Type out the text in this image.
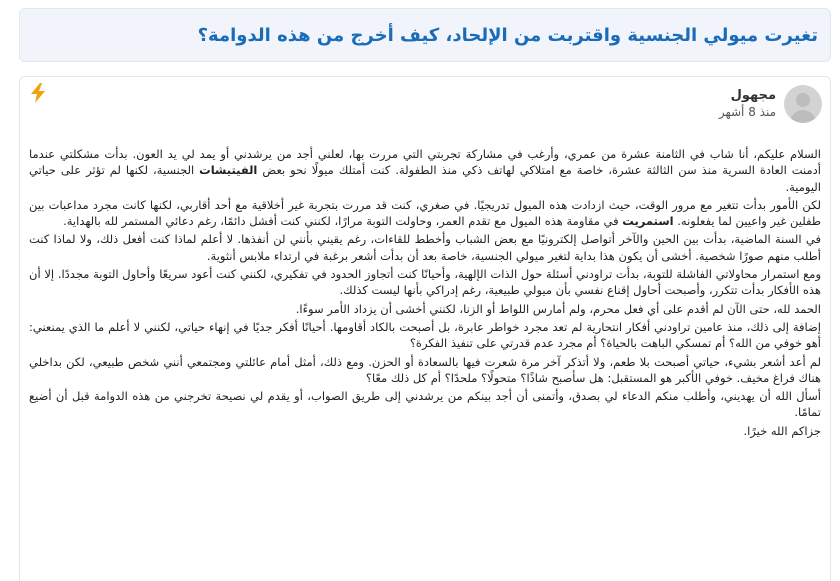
تغيرت ميولي الجنسية واقتربت من الإلحاد، كيف أخرج من هذه الدوامة؟
مجهول
منذ 8 أشهر

السلام عليكم، أنا شاب في الثامنة عشرة من عمري، وأرغب في مشاركة تجربتي التي مررت بها، لعلني أجد من يرشدني أو يمد لي يد العون. بدأت مشكلتي عندما أدمنت العادة السرية منذ سن الثالثة عشرة، خاصة مع امتلاكي لهاتف ذكي منذ الطفولة. كنت أمتلك ميولًا نحو بعض الفيتيشات الجنسية، لكنها لم تؤثر على حياتي اليومية.

لكن الأمور بدأت تتغير مع مرور الوقت، حيث ازدادت هذه الميول تدريجيًا. في صغري، كنت قد مررت بتجربة غير أخلاقية مع أحد أقاربي، لكنها كانت مجرد مداعبات بين طفلين غير واعيين لما يفعلونه. استمريت في مقاومة هذه الميول مع تقدم العمر، وحاولت التوبة مرارًا، لكنني كنت أفشل دائمًا، رغم دعائي المستمر لله بالهداية.

في السنة الماضية، بدأت بين الحين والآخر أتواصل إلكترونيًا مع بعض الشباب وأخطط للقاءات، رغم يقيني بأنني لن أنفذها. لا أعلم لماذا كنت أفعل ذلك، ولا لماذا كنت أطلب منهم صورًا شخصية. أخشى أن يكون هذا بداية لتغير ميولي الجنسية، خاصة بعد أن بدأت أشعر برغبة في ارتداء ملابس أنثوية.

ومع استمرار محاولاتي الفاشلة للتوبة، بدأت تراودني أسئلة حول الذات الإلهية، وأحيانًا كنت أتجاوز الحدود في تفكيري، لكنني كنت أعود سريعًا وأحاول التوبة مجددًا. إلا أن هذه الأفكار بدأت تتكرر، وأصبحت أحاول إقناع نفسي بأن ميولي طبيعية، رغم إدراكي بأنها ليست كذلك.

الحمد لله، حتى الآن لم أقدم على أي فعل محرم، ولم أمارس اللواط أو الزنا، لكنني أخشى أن يزداد الأمر سوءًا.

إضافة إلى ذلك، منذ عامين تراودني أفكار انتحارية لم تعد مجرد خواطر عابرة، بل أصبحت بالكاد أقاومها. أحيانًا أفكر جديًا في إنهاء حياتي، لكنني لا أعلم ما الذي يمنعني: أهو خوفي من الله؟ أم تمسكي الباهت بالحياة؟ أم مجرد عدم قدرتي على تنفيذ الفكرة؟

لم أعد أشعر بشيء، حياتي أصبحت بلا طعم، ولا أتذكر آخر مرة شعرت فيها بالسعادة أو الحزن. ومع ذلك، أمثل أمام عائلتي ومجتمعي أنني شخص طبيعي، لكن بداخلي هناك فراغ مخيف. خوفي الأكبر هو المستقبل: هل سأصبح شاذًا؟ متحولًا؟ ملحدًا؟ أم كل ذلك معًا؟

أسأل الله أن يهديني، وأطلب منكم الدعاء لي بصدق، وأتمنى أن أجد بينكم من يرشدني إلى طريق الصواب، أو يقدم لي نصيحة تخرجني من هذه الدوامة قبل أن أضيع تمامًا.

جزاكم الله خيرًا.
